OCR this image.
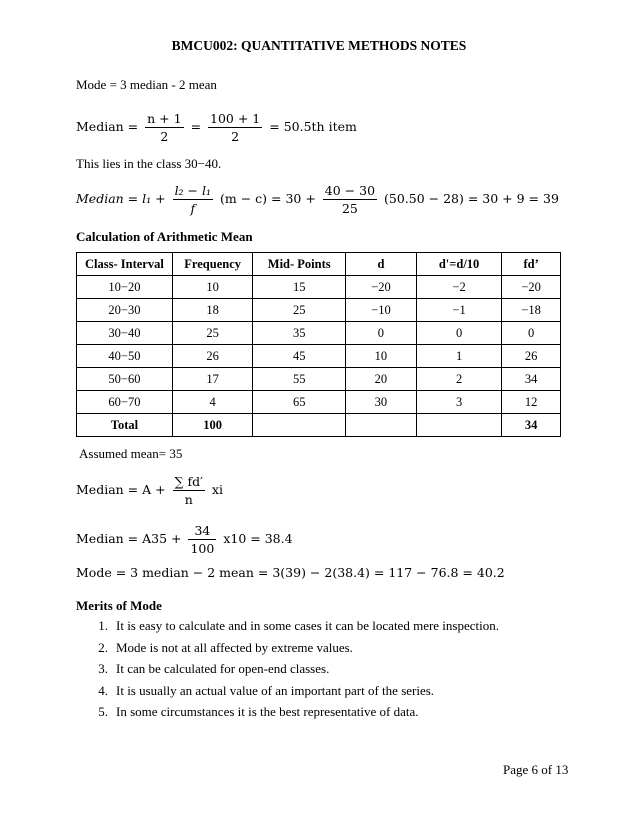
BMCU002: QUANTITATIVE METHODS NOTES
Mode = 3 median - 2 mean
Median = $\frac{n + 1}{2} = \frac{100 + 1}{2} = 50.5th$ item
This lies in the class 30−40.
Median = $l_1 + \frac{\text{l₂ − l₁}}{f} (m - c) = 30 + \frac{40 - 30}{25} (50.50 - 28) = 30 + 9 = 39$
Calculation of Arithmetic Mean
Class- Interval	Frequency	Mid- Points	d	d'=d/10	fd’
10−20	10	15	−20	−2	−20
20−30	18	25	−10	−1	−18
30−40	25	35	0	0	0
40−50	26	45	10	1	26
50−60	17	55	20	2	34
60−70	4	65	30	3	12
Total	100				34
Assumed mean= 35
Median = $A + \frac{\sum fd'}{n}$ xi
Median = $A35 + \frac{34}{100} x10 = 38.4$
Mode = 3 median − 2 mean = 3(39) − 2(38.4) = 117 − 76.8 = 40.2
Merits of Mode
1. It is easy to calculate and in some cases it can be located mere inspection.
2. Mode is not at all affected by extreme values.
3. It can be calculated for open-end classes.
4. It is usually an actual value of an important part of the series.
5. In some circumstances it is the best representative of data.
Page 6 of 13
